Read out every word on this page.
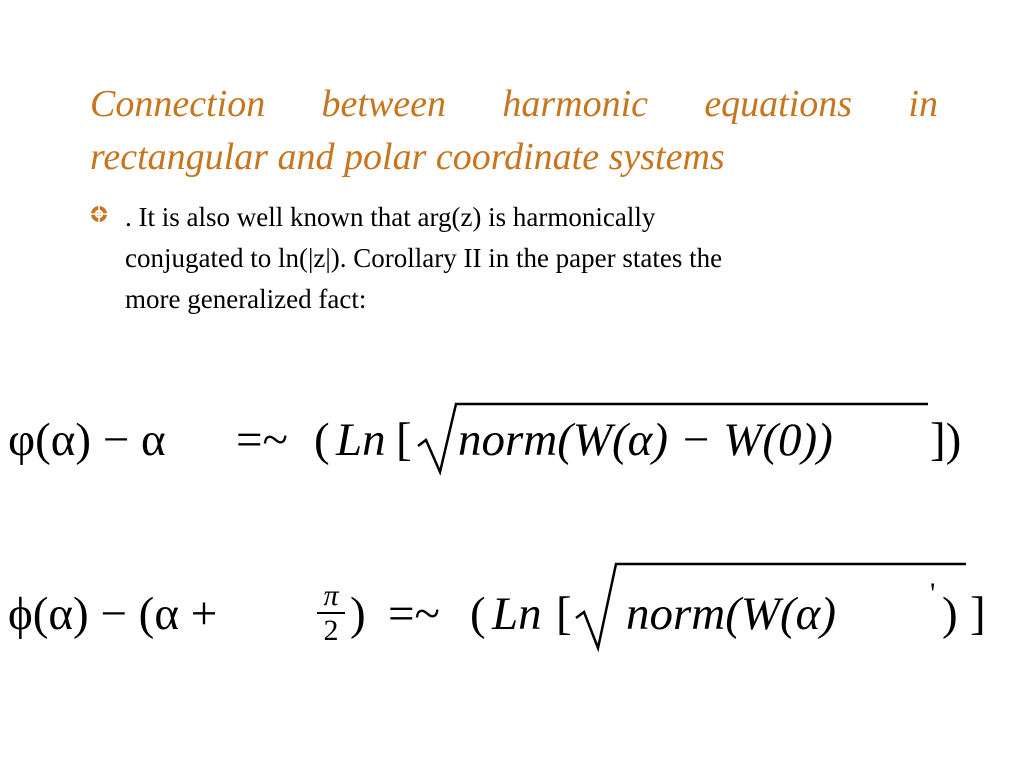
Connection between harmonic equations in
rectangular and polar coordinate systems

. It is also well known that arg(z) is harmonically
conjugated to ln(|z|). Corollary II in the paper states the
more generalized fact:

φ(α) − α =~ ( Ln [ norm(W(α) − W(0)) ])
ϕ(α) − (α +	π
2 ) =~ ( Ln [ norm(W(α)	' ) ]
